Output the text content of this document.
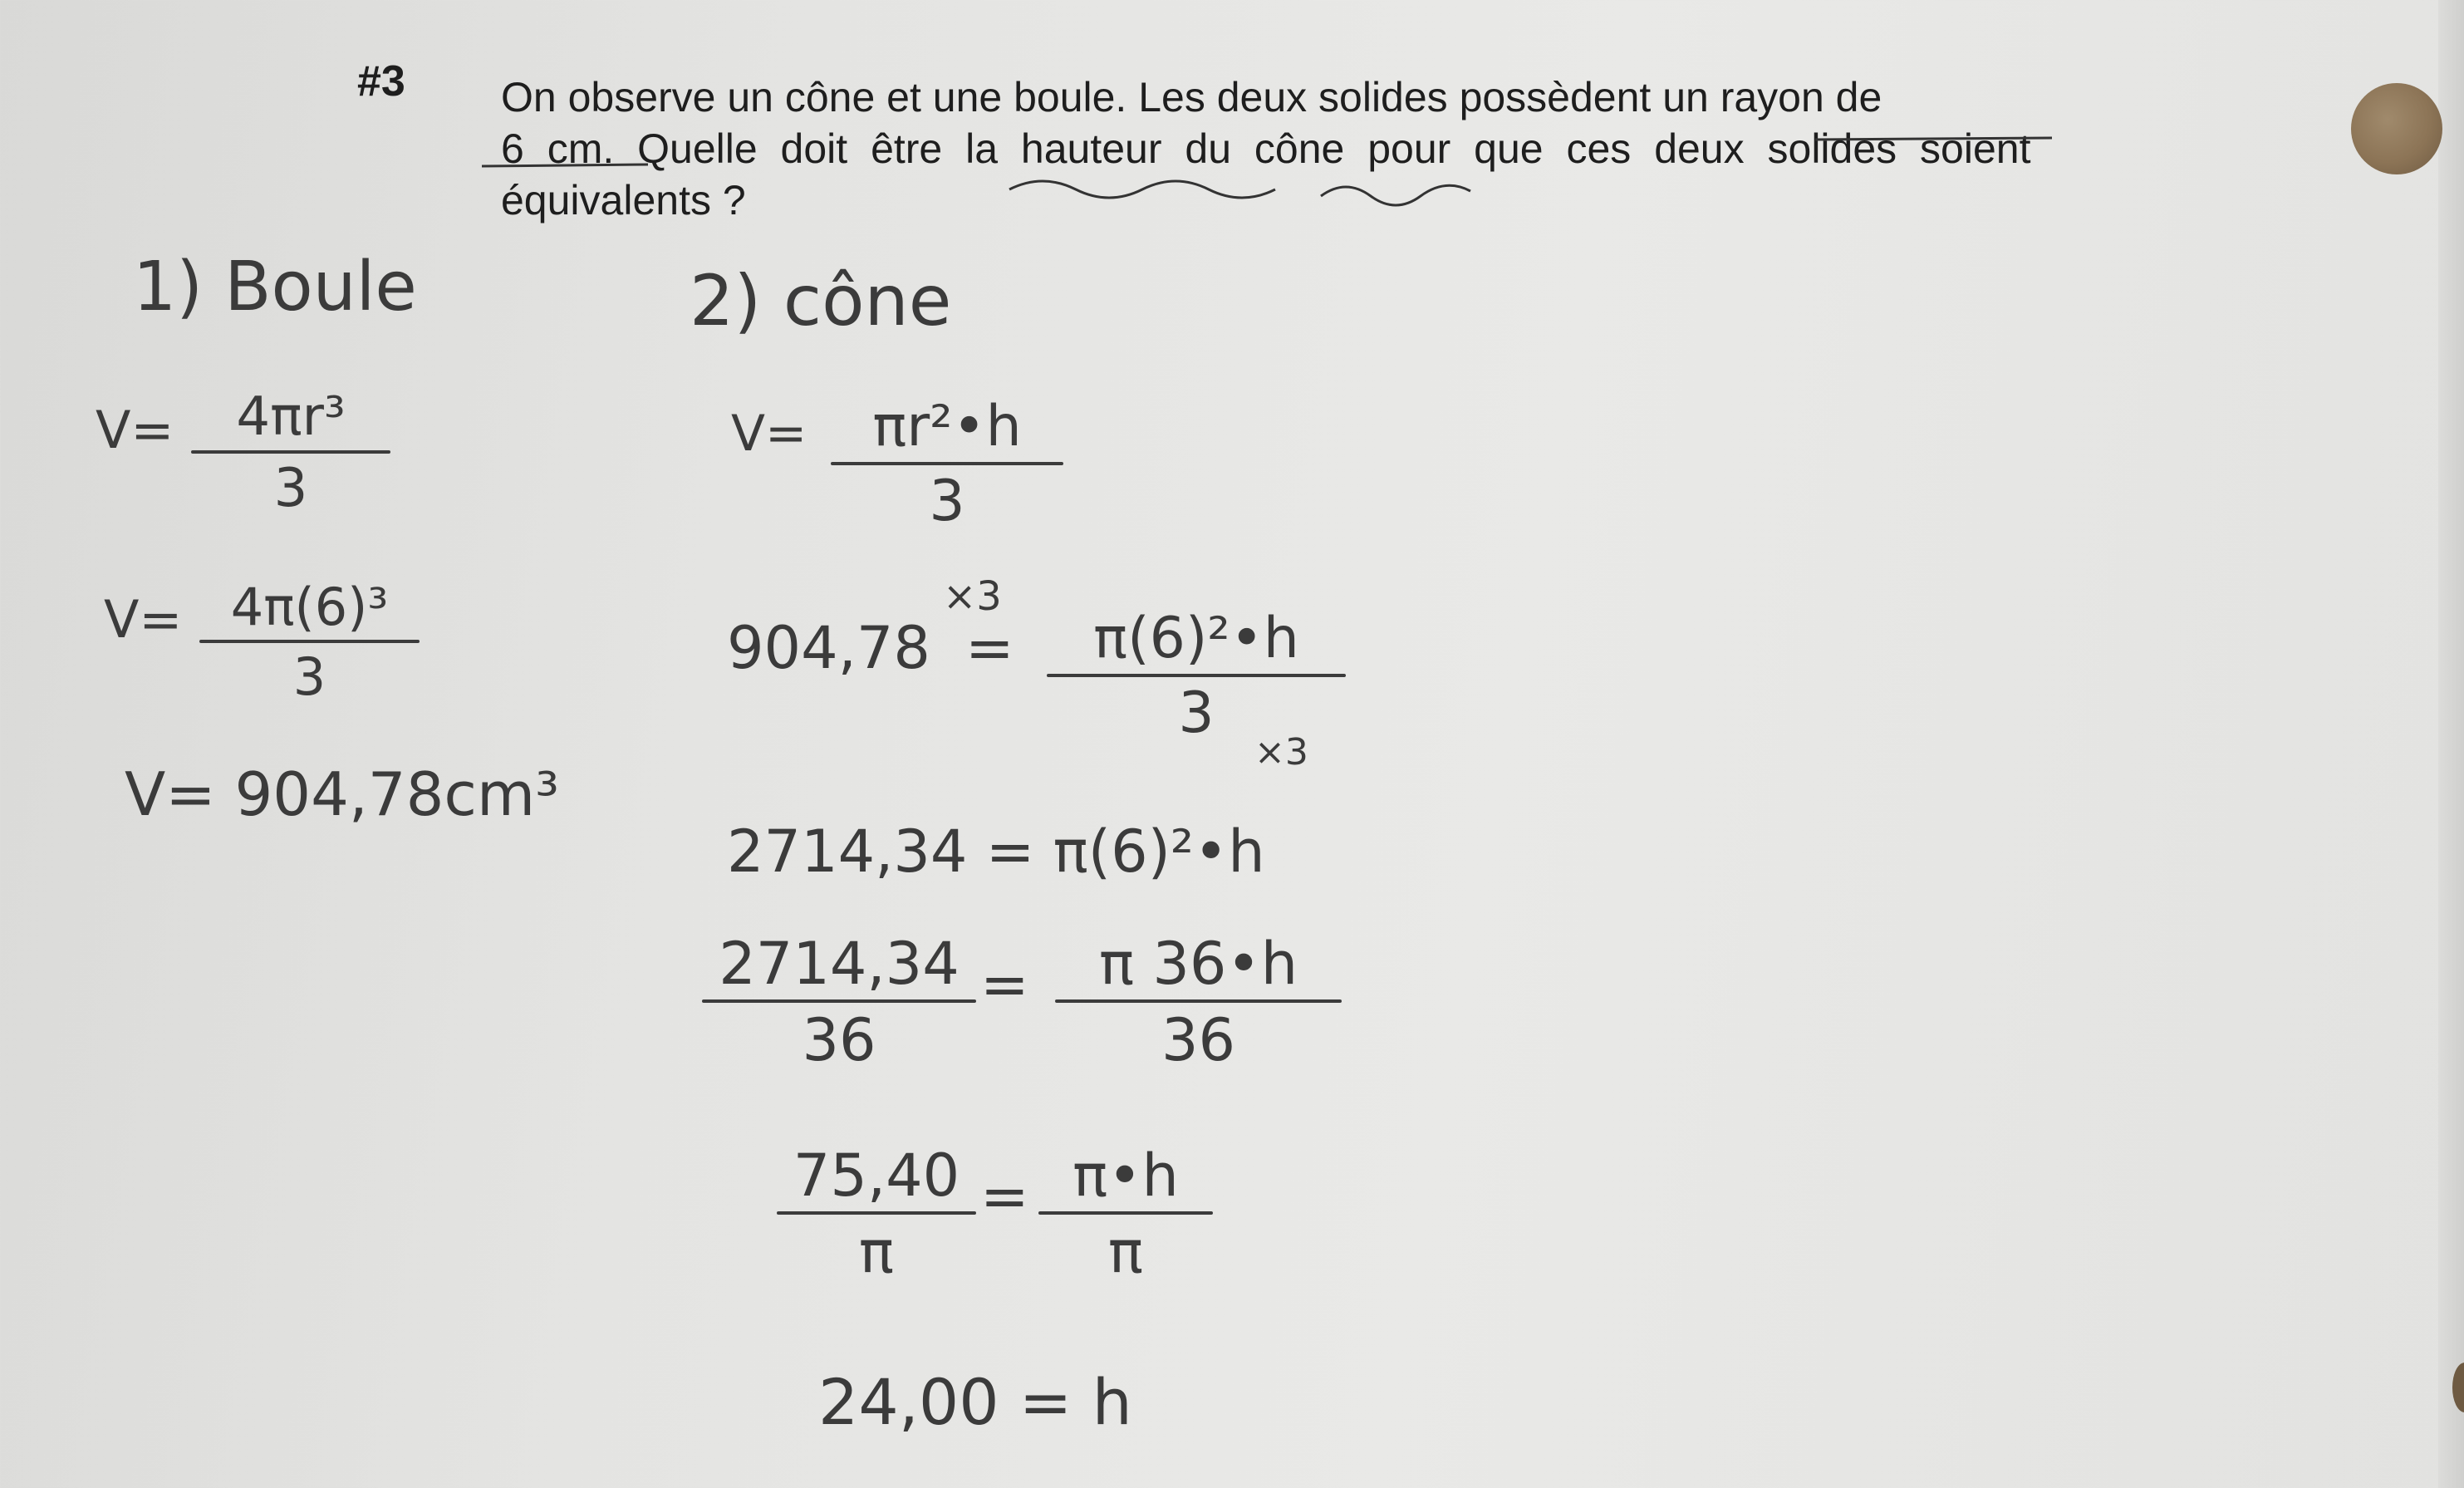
#3 On observe un cône et une boule. Les deux solides possèdent un rayon de
6 cm. Quelle doit être la hauteur du cône pour que ces deux solides soient
équivalents ?
1) Boule
V= 4πr³
3
V= 4π(6)³
3
V= 904,78cm³
2) cône
V= πr²•h
3
×3
904,78 = π(6)²•h
3
×3
2714,34 = π(6)²•h
2714,34
36
= π 36•h
36
75,40
π
= π•h
π
24,00 = h
